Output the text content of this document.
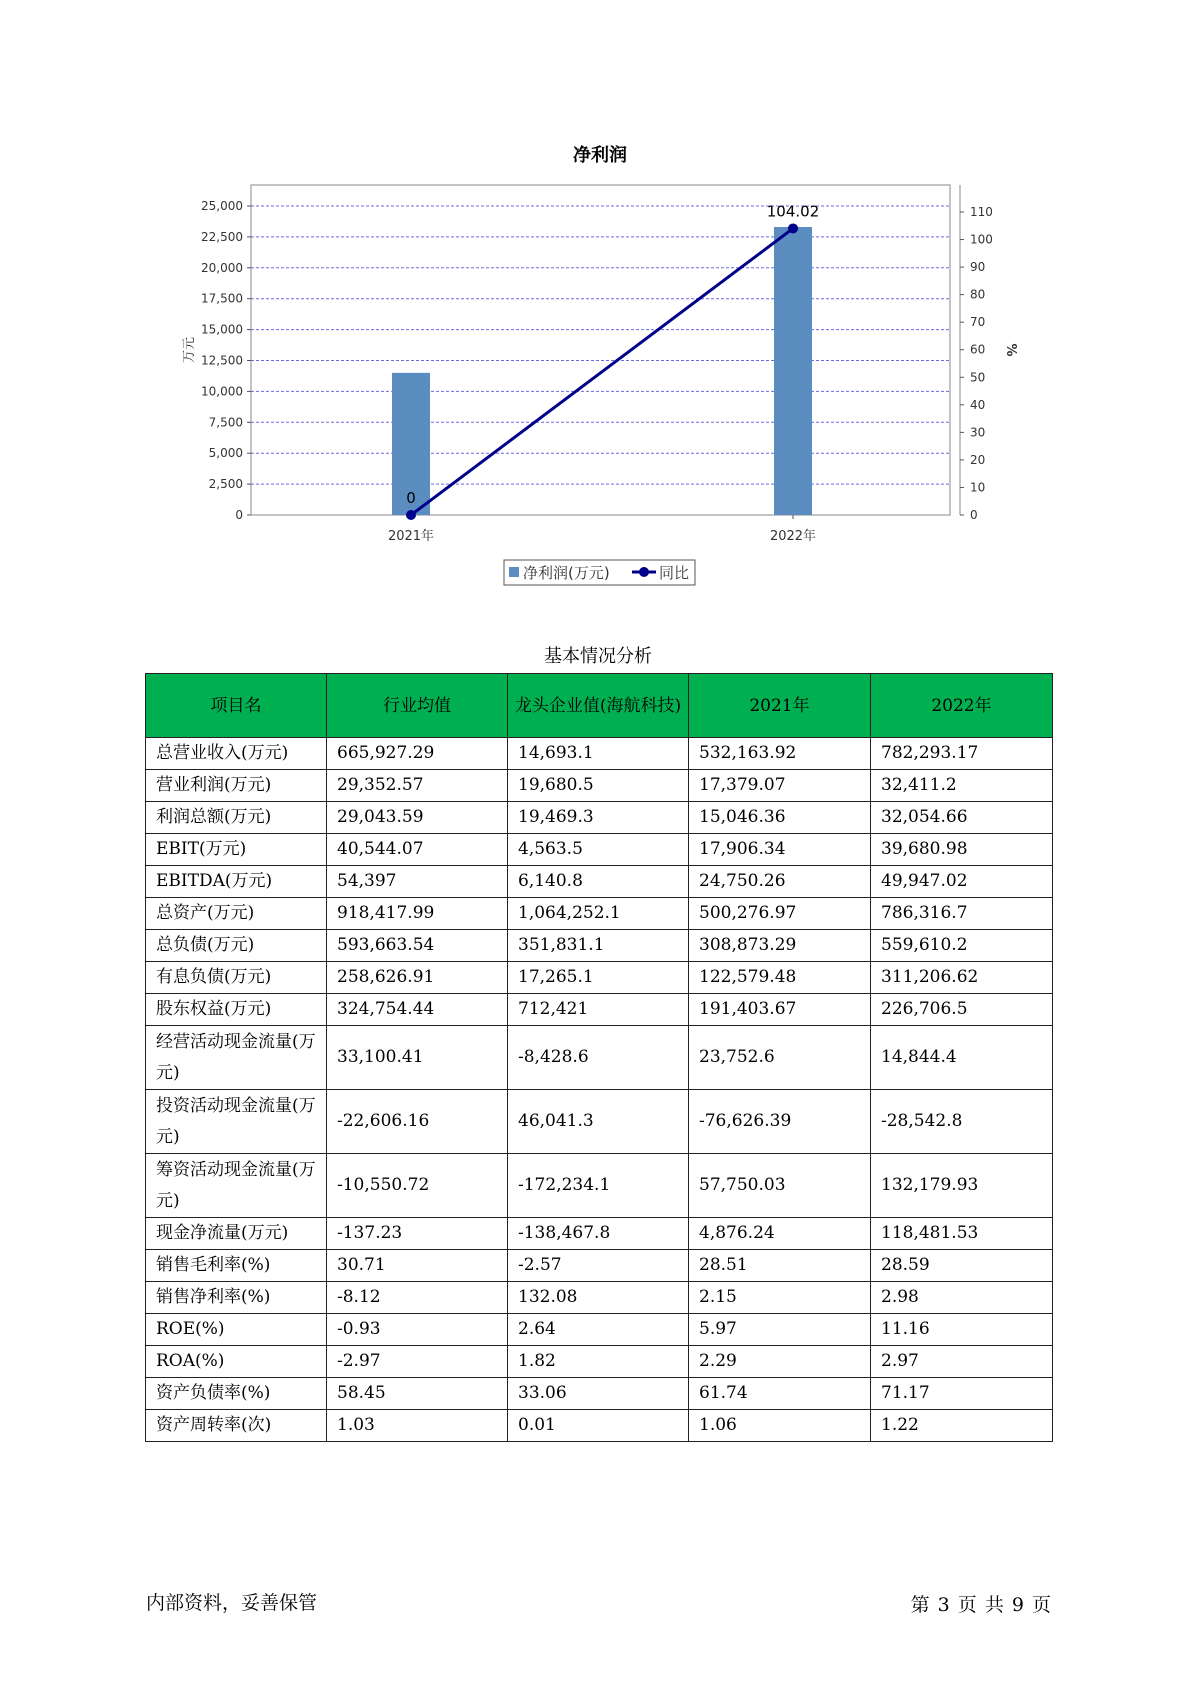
净利润
0
2,500
5,000
7,500
10,000
12,500
15,000
17,500
20,000
22,500
25,000
0
10
20
30
40
50
60
70
80
90
100
110
万元	%
2021年	2022年
0
104.02
净利润(万元)	同比
基本情况分析
项目名	行业均值	龙头企业值(海航科技)	2021年	2022年
总营业收入(万元)	665,927.29	14,693.1	532,163.92	782,293.17
营业利润(万元)	29,352.57	19,680.5	17,379.07	32,411.2
利润总额(万元)	29,043.59	19,469.3	15,046.36	32,054.66
EBIT(万元)	40,544.07	4,563.5	17,906.34	39,680.98
EBITDA(万元)	54,397	6,140.8	24,750.26	49,947.02
总资产(万元)	918,417.99	1,064,252.1	500,276.97	786,316.7
总负债(万元)	593,663.54	351,831.1	308,873.29	559,610.2
有息负债(万元)	258,626.91	17,265.1	122,579.48	311,206.62
股东权益(万元)	324,754.44	712,421	191,403.67	226,706.5
经营活动现金流量(万元)	33,100.41	-8,428.6	23,752.6	14,844.4
投资活动现金流量(万元)	-22,606.16	46,041.3	-76,626.39	-28,542.8
筹资活动现金流量(万元)	-10,550.72	-172,234.1	57,750.03	132,179.93
现金净流量(万元)	-137.23	-138,467.8	4,876.24	118,481.53
销售毛利率(%)	30.71	-2.57	28.51	28.59
销售净利率(%)	-8.12	132.08	2.15	2.98
ROE(%)	-0.93	2.64	5.97	11.16
ROA(%)	-2.97	1.82	2.29	2.97
资产负债率(%)	58.45	33.06	61.74	71.17
资产周转率(次)	1.03	0.01	1.06	1.22
内部资料，妥善保管	第 3 页 共 9 页
